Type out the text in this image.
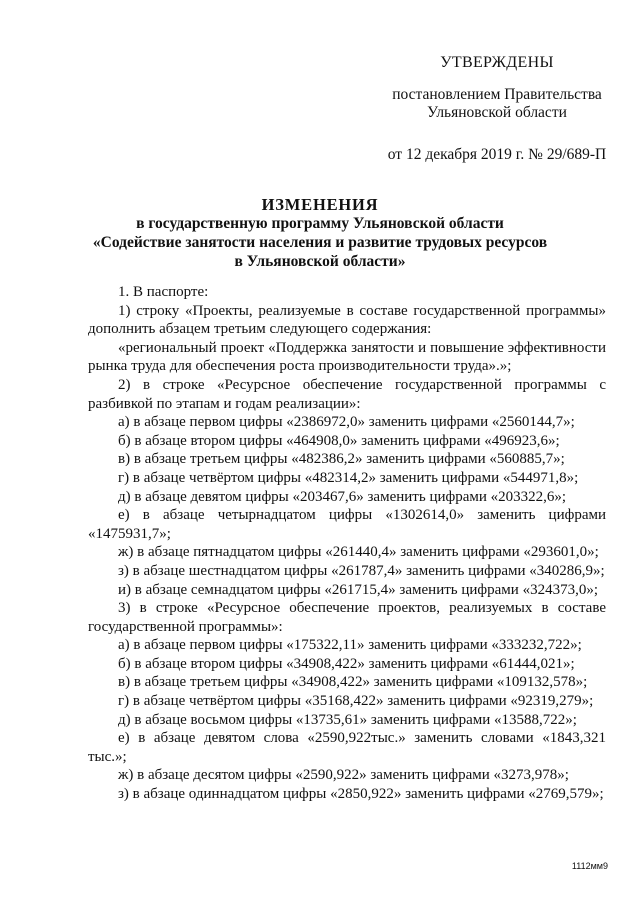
УТВЕРЖДЕНЫ
постановлением Правительства
Ульяновской области
от 12 декабря 2019 г. № 29/689-П
ИЗМЕНЕНИЯ
в государственную программу Ульяновской области
«Содействие занятости населения и развитие трудовых ресурсов
в Ульяновской области»

1. В паспорте:

1) строку «Проекты, реализуемые в составе государственной программы» дополнить абзацем третьим следующего содержания:

«региональный проект «Поддержка занятости и повышение эффективности рынка труда для обеспечения роста производительности труда».»;

2) в строке «Ресурсное обеспечение государственной программы с разбивкой по этапам и годам реализации»:

а) в абзаце первом цифры «2386972,0» заменить цифрами «2560144,7»;

б) в абзаце втором цифры «464908,0» заменить цифрами «496923,6»;

в) в абзаце третьем цифры «482386,2» заменить цифрами «560885,7»;

г) в абзаце четвёртом цифры «482314,2» заменить цифрами «544971,8»;

д) в абзаце девятом цифры «203467,6» заменить цифрами «203322,6»;

е) в абзаце четырнадцатом цифры «1302614,0» заменить цифрами «1475931,7»;

ж) в абзаце пятнадцатом цифры «261440,4» заменить цифрами «293601,0»;

з) в абзаце шестнадцатом цифры «261787,4» заменить цифрами «340286,9»;

и) в абзаце семнадцатом цифры «261715,4» заменить цифрами «324373,0»;

3) в строке «Ресурсное обеспечение проектов, реализуемых в составе государственной программы»:

а) в абзаце первом цифры «175322,11» заменить цифрами «333232,722»;

б) в абзаце втором цифры «34908,422» заменить цифрами «61444,021»;

в) в абзаце третьем цифры «34908,422» заменить цифрами «109132,578»;

г) в абзаце четвёртом цифры «35168,422» заменить цифрами «92319,279»;

д) в абзаце восьмом цифры «13735,61» заменить цифрами «13588,722»;

е) в абзаце девятом слова «2590,922тыс.» заменить словами «1843,321 тыс.»;

ж) в абзаце десятом цифры «2590,922» заменить цифрами «3273,978»;

з) в абзаце одиннадцатом цифры «2850,922» заменить цифрами «2769,579»;

1112мм9
